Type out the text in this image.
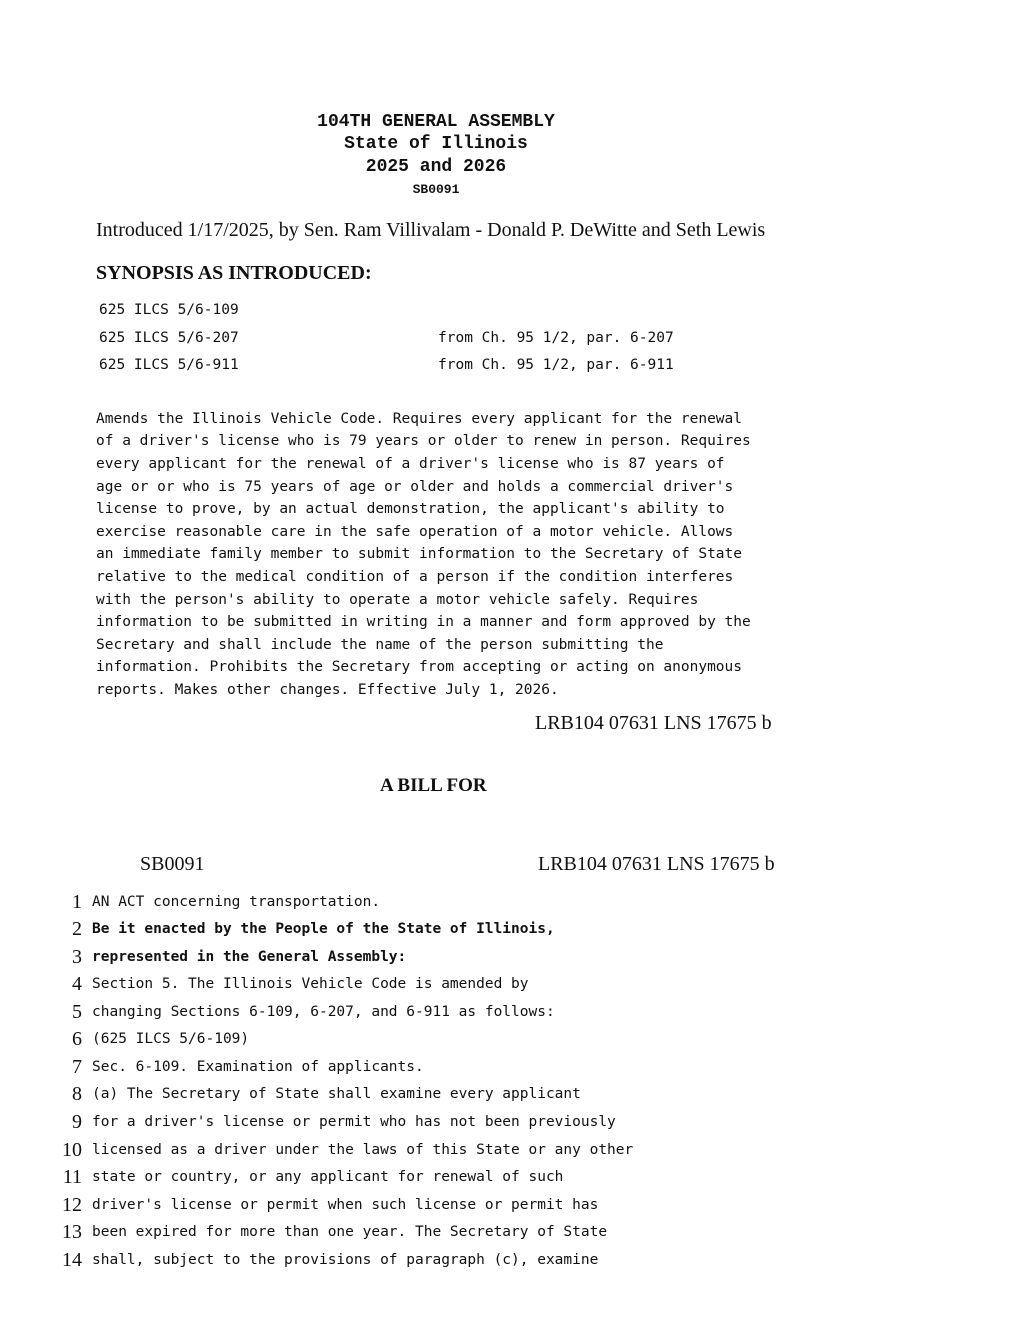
104TH GENERAL ASSEMBLY
State of Illinois
2025 and 2026
SB0091
Introduced 1/17/2025, by Sen. Ram Villivalam - Donald P. DeWitte and Seth Lewis
SYNOPSIS AS INTRODUCED:
625 ILCS 5/6-109
625 ILCS 5/6-207	from Ch. 95 1/2, par. 6-207
625 ILCS 5/6-911	from Ch. 95 1/2, par. 6-911
Amends the Illinois Vehicle Code. Requires every applicant for the renewal
of a driver's license who is 79 years or older to renew in person. Requires
every applicant for the renewal of a driver's license who is 87 years of
age or or who is 75 years of age or older and holds a commercial driver's
license to prove, by an actual demonstration, the applicant's ability to
exercise reasonable care in the safe operation of a motor vehicle. Allows
an immediate family member to submit information to the Secretary of State
relative to the medical condition of a person if the condition interferes
with the person's ability to operate a motor vehicle safely. Requires
information to be submitted in writing in a manner and form approved by the
Secretary and shall include the name of the person submitting the
information. Prohibits the Secretary from accepting or acting on anonymous
reports. Makes other changes. Effective July 1, 2026.
LRB104 07631 LNS 17675 b
A BILL FOR
SB0091	LRB104 07631 LNS 17675 b
1 AN ACT concerning transportation.
2 Be it enacted by the People of the State of Illinois,
3 represented in the General Assembly:
4 Section 5. The Illinois Vehicle Code is amended by
5 changing Sections 6-109, 6-207, and 6-911 as follows:
6 (625 ILCS 5/6-109)
7 Sec. 6-109. Examination of applicants.
8 (a) The Secretary of State shall examine every applicant
9 for a driver's license or permit who has not been previously
10 licensed as a driver under the laws of this State or any other
11 state or country, or any applicant for renewal of such
12 driver's license or permit when such license or permit has
13 been expired for more than one year. The Secretary of State
14 shall, subject to the provisions of paragraph (c), examine
